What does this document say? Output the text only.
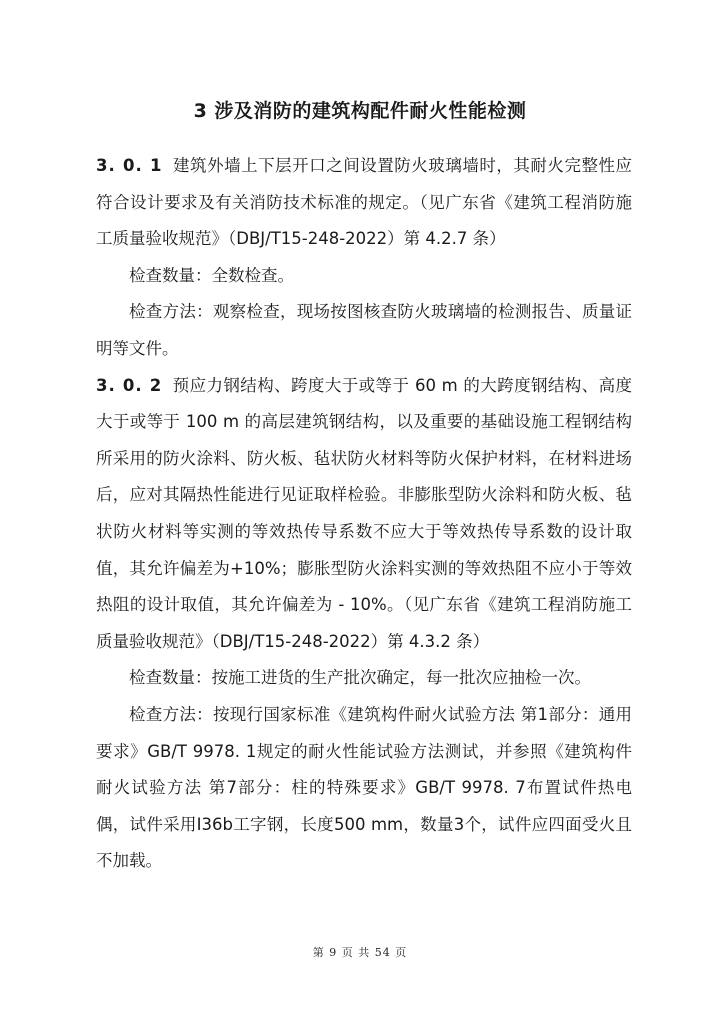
3 涉及消防的建筑构配件耐火性能检测

3. 0. 1 建筑外墙上下层开口之间设置防火玻璃墙时，其耐火完整性应符合设计要求及有关消防技术标准的规定。（见广东省《建筑工程消防施工质量验收规范》（DBJ/T15-248-2022）第 4.2.7 条）

检查数量：全数检查。

检查方法：观察检查，现场按图核查防火玻璃墙的检测报告、质量证明等文件。

3. 0. 2 预应力钢结构、跨度大于或等于 60 m 的大跨度钢结构、高度大于或等于 100 m 的高层建筑钢结构，以及重要的基础设施工程钢结构所采用的防火涂料、防火板、毡状防火材料等防火保护材料，在材料进场后，应对其隔热性能进行见证取样检验。非膨胀型防火涂料和防火板、毡状防火材料等实测的等效热传导系数不应大于等效热传导系数的设计取值，其允许偏差为+10%；膨胀型防火涂料实测的等效热阻不应小于等效热阻的设计取值，其允许偏差为 - 10%。（见广东省《建筑工程消防施工质量验收规范》（DBJ/T15-248-2022）第 4.3.2 条）

检查数量：按施工进货的生产批次确定，每一批次应抽检一次。

检查方法：按现行国家标准《建筑构件耐火试验方法 第1部分：通用要求》GB/T 9978. 1规定的耐火性能试验方法测试，并参照《建筑构件耐火试验方法 第7部分：柱的特殊要求》GB/T 9978. 7布置试件热电偶，试件采用I36b工字钢，长度500 mm，数量3个，试件应四面受火且不加载。

第 9 页 共 54 页
